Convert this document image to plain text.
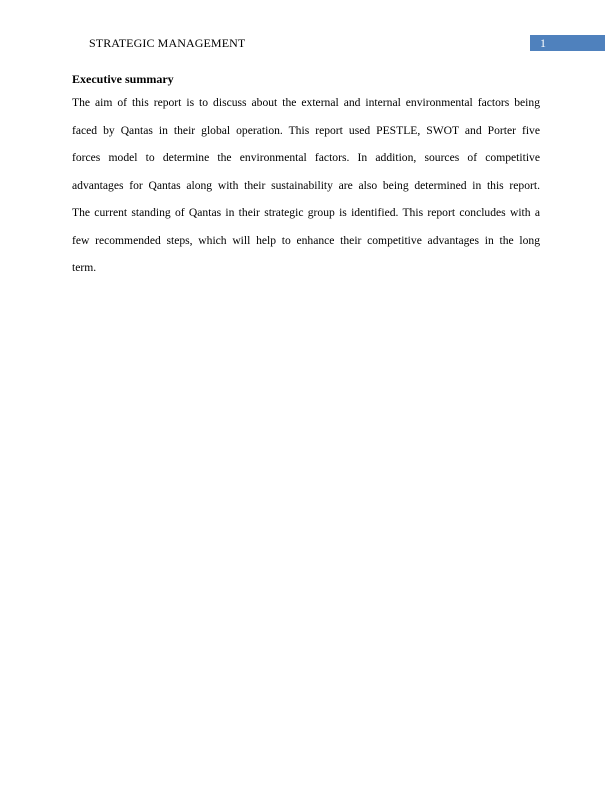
STRATEGIC MANAGEMENT	1
Executive summary
The aim of this report is to discuss about the external and internal environmental factors being
faced by Qantas in their global operation. This report used PESTLE, SWOT and Porter five
forces model to determine the environmental factors. In addition, sources of competitive
advantages for Qantas along with their sustainability are also being determined in this report.
The current standing of Qantas in their strategic group is identified. This report concludes with a
few recommended steps, which will help to enhance their competitive advantages in the long
term.
